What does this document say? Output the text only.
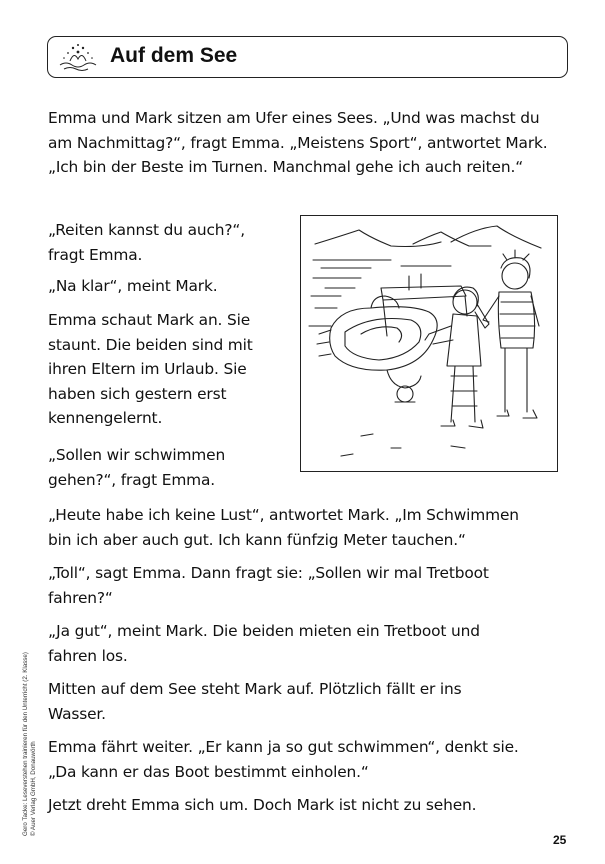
Auf dem See

Emma und Mark sitzen am Ufer eines Sees. „Und was machst du am Nachmittag?“, fragt Emma. „Meistens Sport“, antwortet Mark. „Ich bin der Beste im Turnen. Manchmal gehe ich auch reiten.“

„Reiten kannst du auch?“,
fragt Emma.

„Na klar“, meint Mark.

Emma schaut Mark an. Sie
staunt. Die beiden sind mit
ihren Eltern im Urlaub. Sie
haben sich gestern erst
kennengelernt.

„Sollen wir schwimmen
gehen?“, fragt Emma.

„Heute habe ich keine Lust“, antwortet Mark. „Im Schwimmen
bin ich aber auch gut. Ich kann fünfzig Meter tauchen.“

„Toll“, sagt Emma. Dann fragt sie: „Sollen wir mal Tretboot
fahren?“

„Ja gut“, meint Mark. Die beiden mieten ein Tretboot und
fahren los.

Mitten auf dem See steht Mark auf. Plötzlich fällt er ins
Wasser.

Emma fährt weiter. „Er kann ja so gut schwimmen“, denkt sie.
„Da kann er das Boot bestimmt einholen.“

Jetzt dreht Emma sich um. Doch Mark ist nicht zu sehen.

Gero Tacke: Leseverstehen trainieren für den Unterricht (2. Klasse) © Auer Verlag GmbH, Donauwörth
25
